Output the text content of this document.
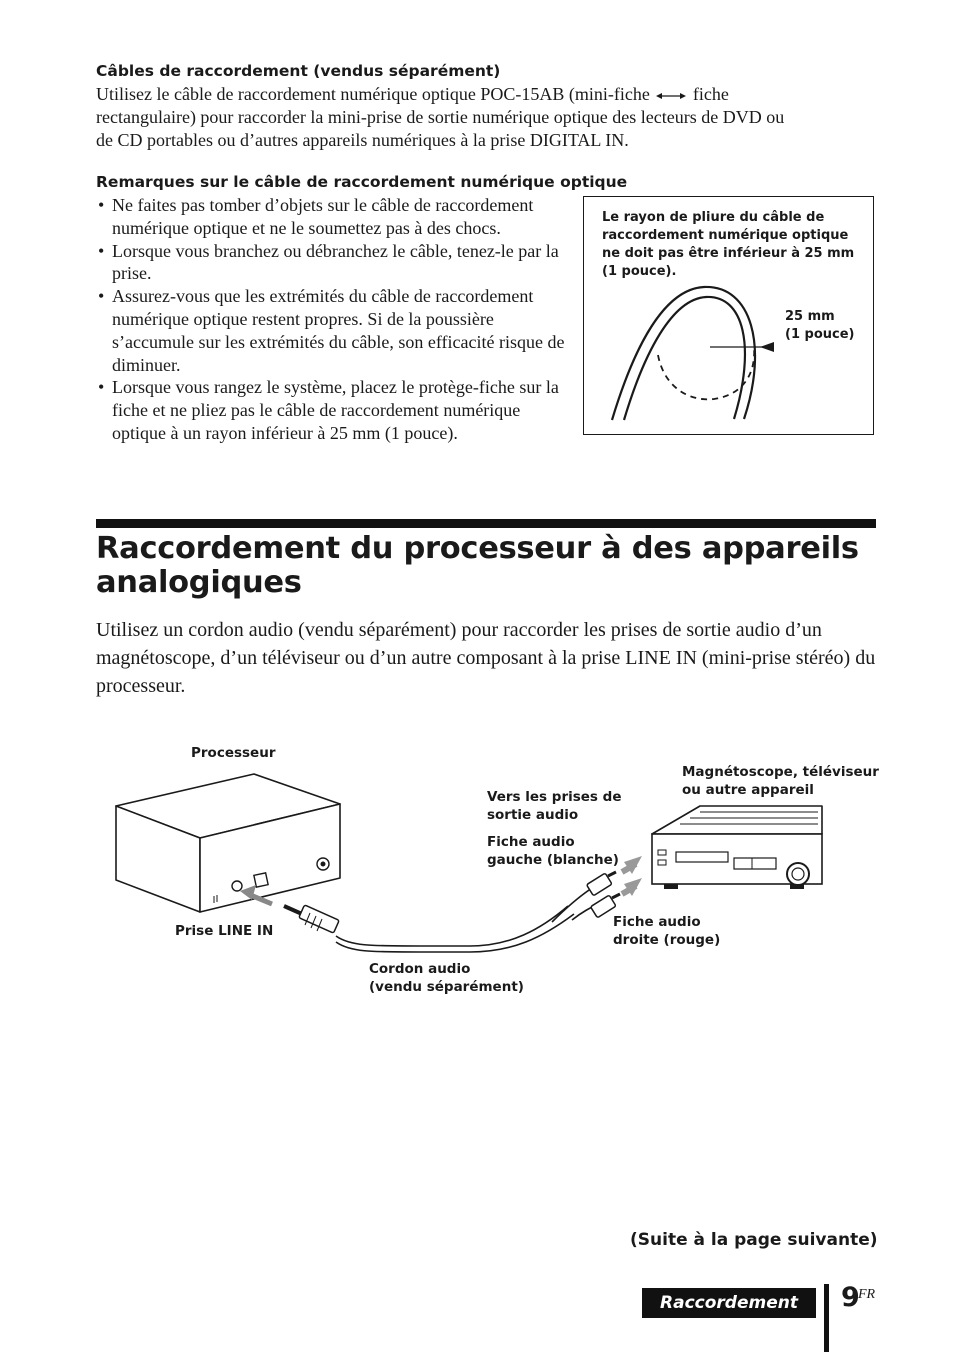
Câbles de raccordement (vendus séparément)
Utilisez le câble de raccordement numérique optique POC-15AB (mini-fiche fiche
rectangulaire) pour raccorder la mini-prise de sortie numérique optique des lecteurs de DVD ou
de CD portables ou d’autres appareils numériques à la prise DIGITAL IN.
Remarques sur le câble de raccordement numérique optique
• Ne faites pas tomber d’objets sur le câble de raccordement numérique optique et ne le soumettez pas à des chocs.
• Lorsque vous branchez ou débranchez le câble, tenez-le par la prise.
• Assurez-vous que les extrémités du câble de raccordement numérique optique restent propres. Si de la poussière s’accumule sur les extrémités du câble, son efficacité risque de diminuer.
• Lorsque vous rangez le système, placez le protège-fiche sur la fiche et ne pliez pas le câble de raccordement numérique optique à un rayon inférieur à 25 mm (1 pouce).
Le rayon de pliure du câble de raccordement numérique optique ne doit pas être inférieur à 25 mm (1 pouce).
25 mm
(1 pouce)
Raccordement du processeur à des appareils analogiques
Utilisez un cordon audio (vendu séparément) pour raccorder les prises de sortie audio d’un magnétoscope, d’un téléviseur ou d’un autre composant à la prise LINE IN (mini-prise stéréo) du processeur.
Processeur
Prise LINE IN
Vers les prises de
sortie audio
Fiche audio
gauche (blanche)
Magnétoscope, téléviseur
ou autre appareil
Fiche audio
droite (rouge)
Cordon audio
(vendu séparément)
(Suite à la page suivante)
Raccordement	9
FR
